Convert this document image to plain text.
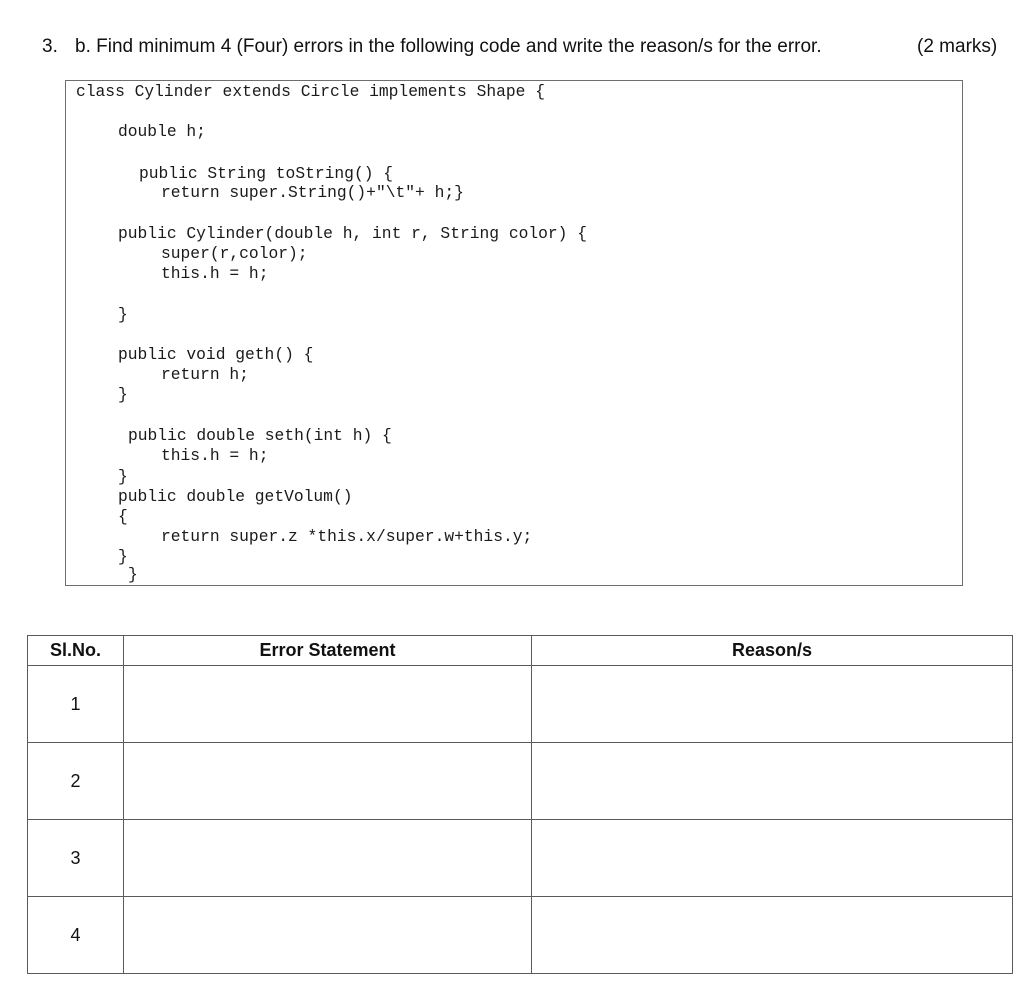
3. b. Find minimum 4 (Four) errors in the following code and write the reason/s for the error.	(2 marks)
class Cylinder extends Circle implements Shape {
double h;
public String toString() {
return super.String()+"\t"+ h;}
public Cylinder(double h, int r, String color) {
super(r,color);
this.h = h;
}
public void geth() {
return h;
}
public double seth(int h) {
this.h = h;
}
public double getVolum()
{
return super.z *this.x/super.w+this.y;
}
}
Sl.No.	Error Statement	Reason/s
1		
2		
3		
4		
